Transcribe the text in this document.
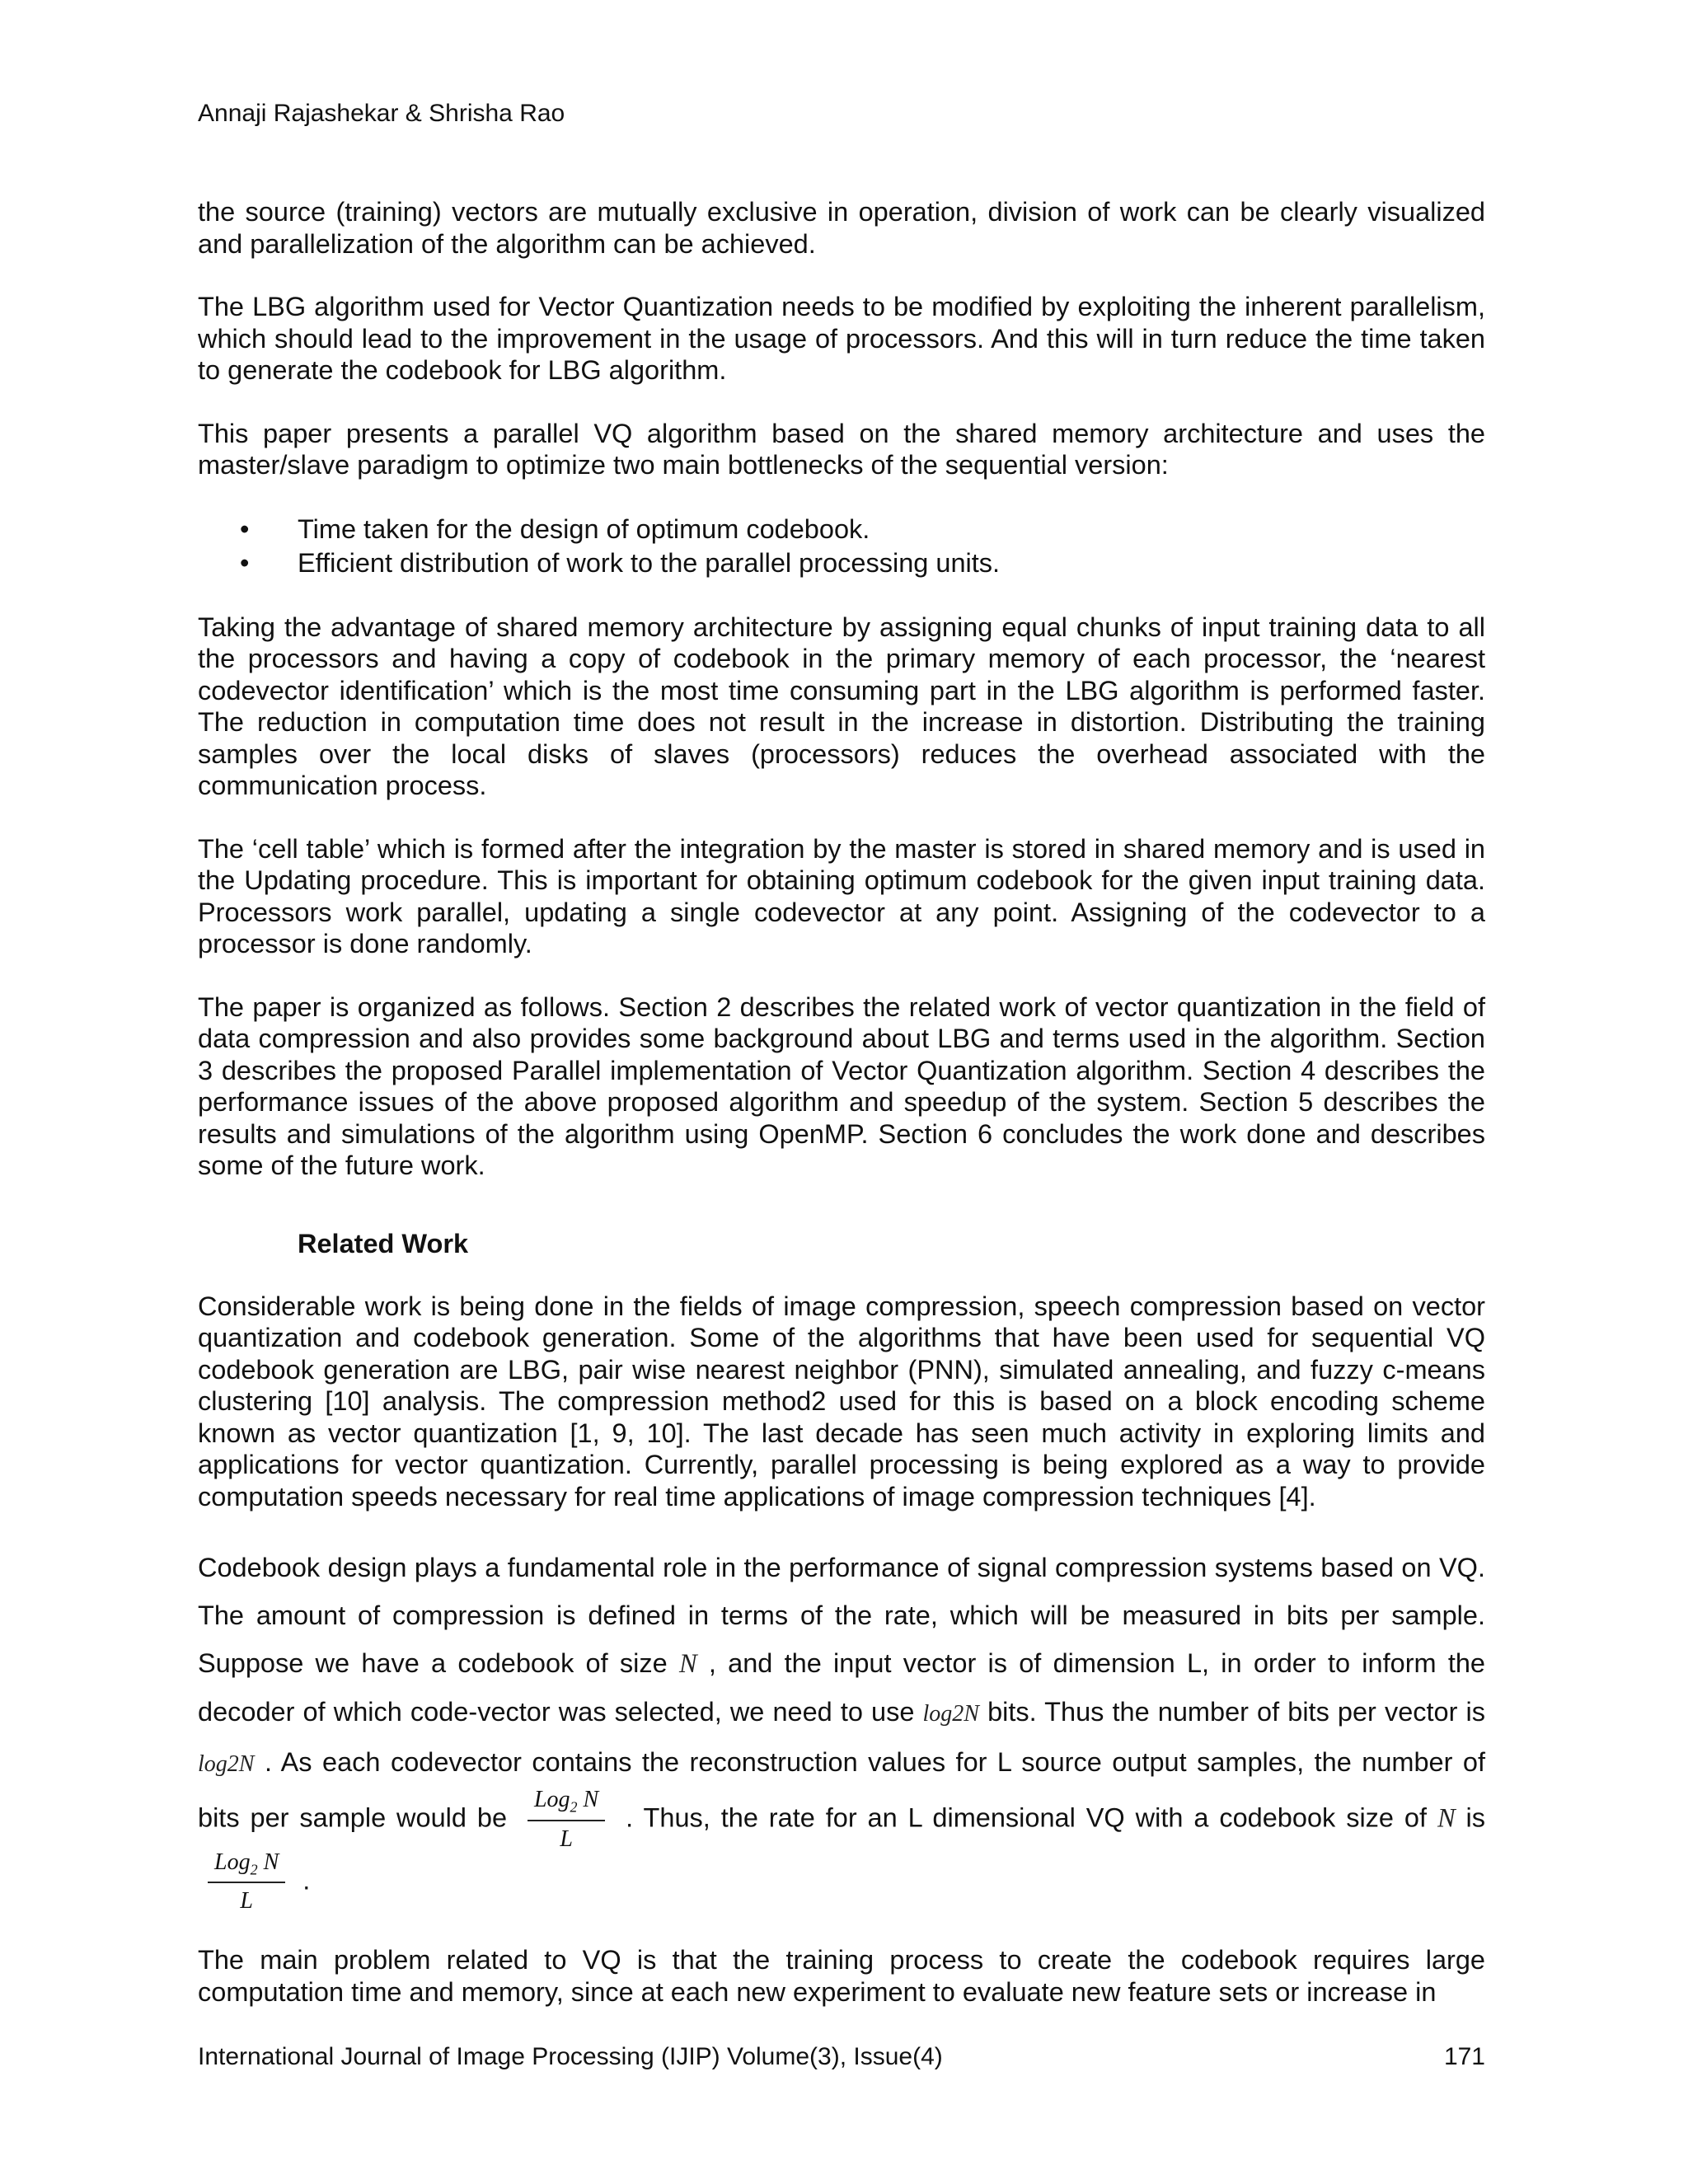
Annaji Rajashekar & Shrisha Rao

the source (training) vectors are mutually exclusive in operation, division of work can be clearly visualized and parallelization of the algorithm can be achieved.

The LBG algorithm used for Vector Quantization needs to be modified by exploiting the inherent parallelism, which should lead to the improvement in the usage of processors. And this will in turn reduce the time taken to generate the codebook for LBG algorithm.

This paper presents a parallel VQ algorithm based on the shared memory architecture and uses the master/slave paradigm to optimize two main bottlenecks of the sequential version:

• Time taken for the design of optimum codebook.
• Efficient distribution of work to the parallel processing units.

Taking the advantage of shared memory architecture by assigning equal chunks of input training data to all the processors and having a copy of codebook in the primary memory of each processor, the ‘nearest codevector identification’ which is the most time consuming part in the LBG algorithm is performed faster. The reduction in computation time does not result in the increase in distortion. Distributing the training samples over the local disks of slaves (processors) reduces the overhead associated with the communication process.

The ‘cell table’ which is formed after the integration by the master is stored in shared memory and is used in the Updating procedure. This is important for obtaining optimum codebook for the given input training data. Processors work parallel, updating a single codevector at any point. Assigning of the codevector to a processor is done randomly.

The paper is organized as follows. Section 2 describes the related work of vector quantization in the field of data compression and also provides some background about LBG and terms used in the algorithm. Section 3 describes the proposed Parallel implementation of Vector Quantization algorithm. Section 4 describes the performance issues of the above proposed algorithm and speedup of the system. Section 5 describes the results and simulations of the algorithm using OpenMP. Section 6 concludes the work done and describes some of the future work.

Related Work

Considerable work is being done in the fields of image compression, speech compression based on vector quantization and codebook generation. Some of the algorithms that have been used for sequential VQ codebook generation are LBG, pair wise nearest neighbor (PNN), simulated annealing, and fuzzy c-means clustering [10] analysis. The compression method2 used for this is based on a block encoding scheme known as vector quantization [1, 9, 10]. The last decade has seen much activity in exploring limits and applications for vector quantization. Currently, parallel processing is being explored as a way to provide computation speeds necessary for real time applications of image compression techniques [4].

Codebook design plays a fundamental role in the performance of signal compression systems based on VQ. The amount of compression is defined in terms of the rate, which will be measured in bits per sample. Suppose we have a codebook of size N , and the input vector is of dimension L, in order to inform the decoder of which code-vector was selected, we need to use log2N bits. Thus the number of bits per vector is log2N . As each codevector contains the reconstruction values for L source output samples, the number of bits per sample would be $\frac{Log_2 N}{L}$ . Thus, the rate for an L dimensional VQ with a codebook size of N is
$\frac{Log_2 N}{L}$ .

The main problem related to VQ is that the training process to create the codebook requires large computation time and memory, since at each new experiment to evaluate new feature sets or increase in

International Journal of Image Processing (IJIP) Volume(3), Issue(4)	171
